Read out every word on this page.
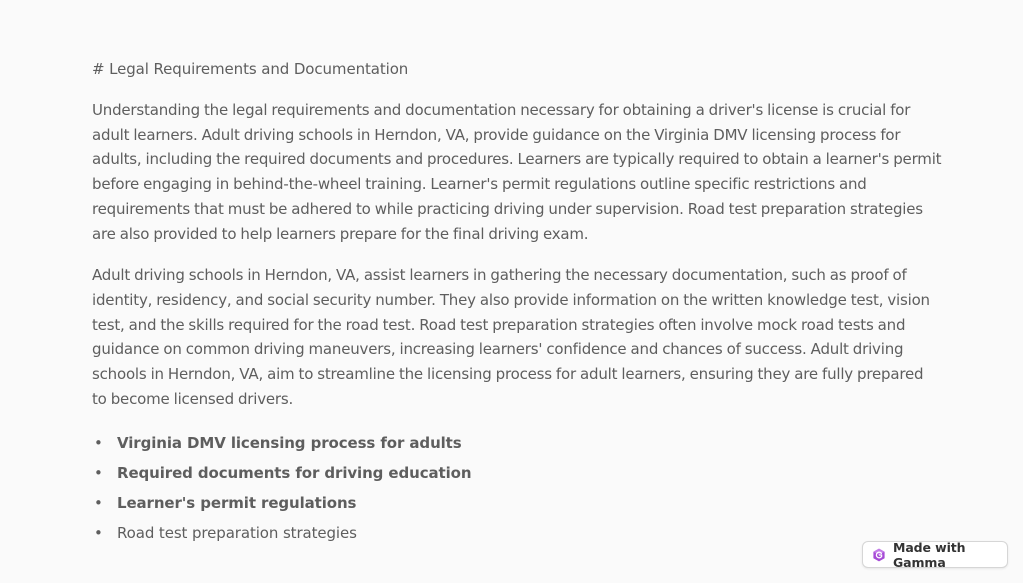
# Legal Requirements and Documentation

Understanding the legal requirements and documentation necessary for obtaining a driver's license is crucial for adult learners. Adult driving schools in Herndon, VA, provide guidance on the Virginia DMV licensing process for adults, including the required documents and procedures. Learners are typically required to obtain a learner's permit before engaging in behind-the-wheel training. Learner's permit regulations outline specific restrictions and requirements that must be adhered to while practicing driving under supervision. Road test preparation strategies are also provided to help learners prepare for the final driving exam.

Adult driving schools in Herndon, VA, assist learners in gathering the necessary documentation, such as proof of identity, residency, and social security number. They also provide information on the written knowledge test, vision test, and the skills required for the road test. Road test preparation strategies often involve mock road tests and guidance on common driving maneuvers, increasing learners' confidence and chances of success. Adult driving schools in Herndon, VA, aim to streamline the licensing process for adult learners, ensuring they are fully prepared to become licensed drivers.

• Virginia DMV licensing process for adults
• Required documents for driving education
• Learner's permit regulations
• Road test preparation strategies
Made with Gamma
